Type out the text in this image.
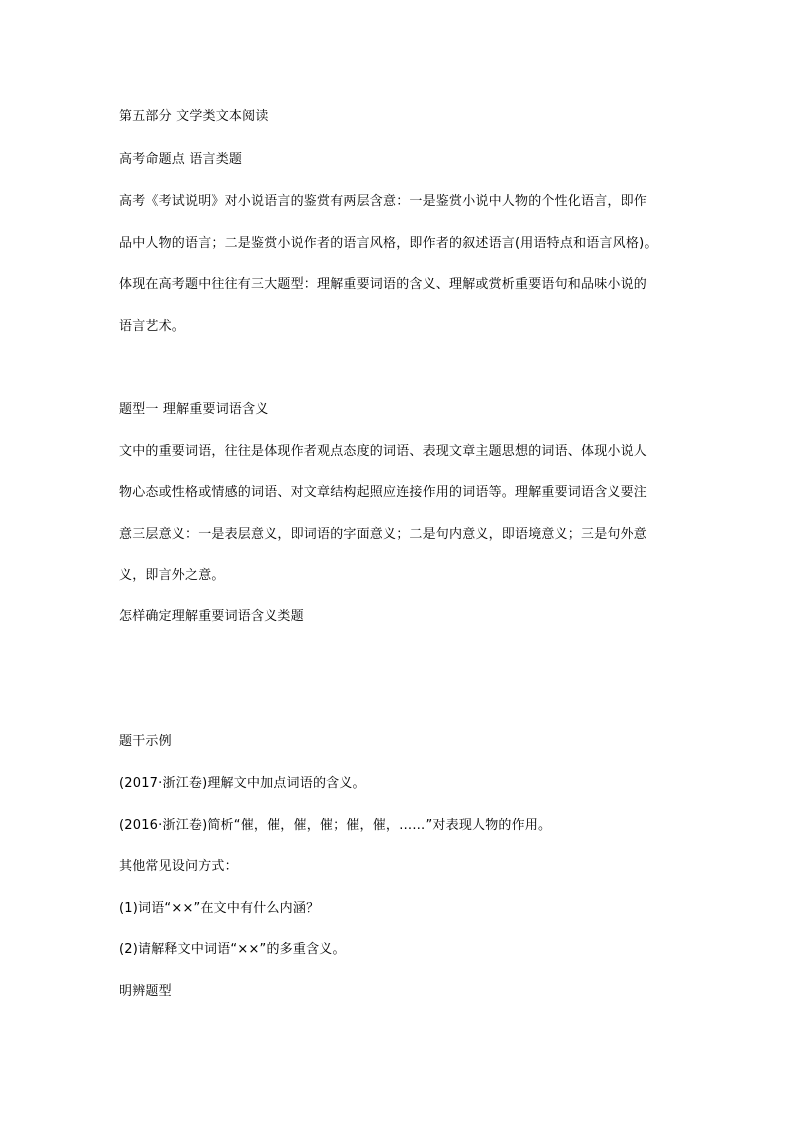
第五部分 文学类文本阅读
高考命题点 语言类题
高考《考试说明》对小说语言的鉴赏有两层含意：一是鉴赏小说中人物的个性化语言，即作
品中人物的语言；二是鉴赏小说作者的语言风格，即作者的叙述语言(用语特点和语言风格)。
体现在高考题中往往有三大题型：理解重要词语的含义、理解或赏析重要语句和品味小说的
语言艺术。
题型一 理解重要词语含义
文中的重要词语，往往是体现作者观点态度的词语、表现文章主题思想的词语、体现小说人
物心态或性格或情感的词语、对文章结构起照应连接作用的词语等。理解重要词语含义要注
意三层意义：一是表层意义，即词语的字面意义；二是句内意义，即语境意义；三是句外意
义，即言外之意。
怎样确定理解重要词语含义类题
题干示例
(2017·浙江卷)理解文中加点词语的含义。
(2016·浙江卷)简析“催，催，催，催；催，催，……”对表现人物的作用。
其他常见设问方式：
(1)词语“××”在文中有什么内涵？
(2)请解释文中词语“××”的多重含义。
明辨题型
